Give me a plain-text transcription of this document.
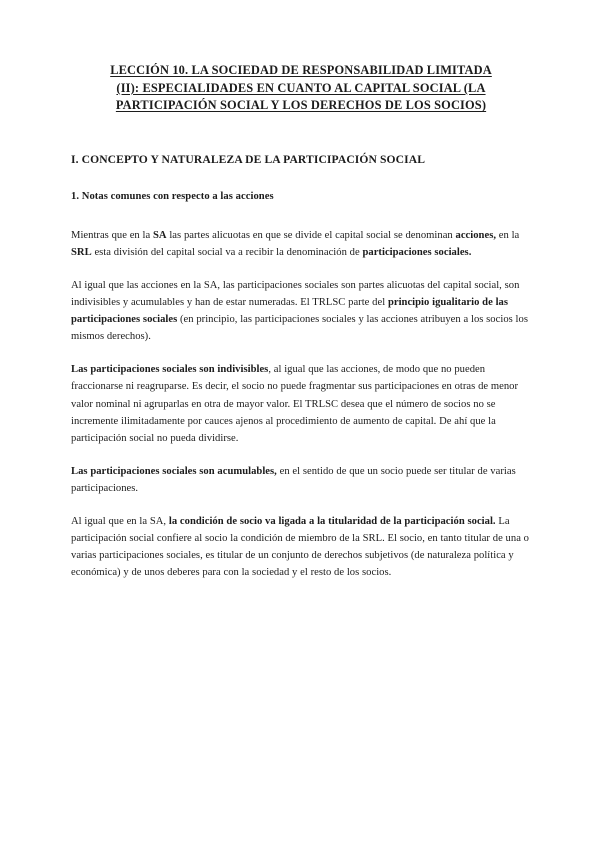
LECCIÓN 10. LA SOCIEDAD DE RESPONSABILIDAD LIMITADA
(II): ESPECIALIDADES EN CUANTO AL CAPITAL SOCIAL (LA
PARTICIPACIÓN SOCIAL Y LOS DERECHOS DE LOS SOCIOS)
I. CONCEPTO Y NATURALEZA DE LA PARTICIPACIÓN SOCIAL
1. Notas comunes con respecto a las acciones

Mientras que en la SA las partes alicuotas en que se divide el capital social se denominan acciones, en la SRL esta división del capital social va a recibir la denominación de participaciones sociales.

Al igual que las acciones en la SA, las participaciones sociales son partes alicuotas del capital social, son indivisibles y acumulables y han de estar numeradas. El TRLSC parte del principio igualitario de las participaciones sociales (en principio, las participaciones sociales y las acciones atribuyen a los socios los mismos derechos).

Las participaciones sociales son indivisibles, al igual que las acciones, de modo que no pueden fraccionarse ni reagruparse. Es decir, el socio no puede fragmentar sus participaciones en otras de menor valor nominal ni agruparlas en otra de mayor valor. El TRLSC desea que el número de socios no se incremente ilimitadamente por cauces ajenos al procedimiento de aumento de capital. De ahí que la participación social no pueda dividirse.

Las participaciones sociales son acumulables, en el sentido de que un socio puede ser titular de varias participaciones.

Al igual que en la SA, la condición de socio va ligada a la titularidad de la participación social. La participación social confiere al socio la condición de miembro de la SRL. El socio, en tanto titular de una o varias participaciones sociales, es titular de un conjunto de derechos subjetivos (de naturaleza política y económica) y de unos deberes para con la sociedad y el resto de los socios.
